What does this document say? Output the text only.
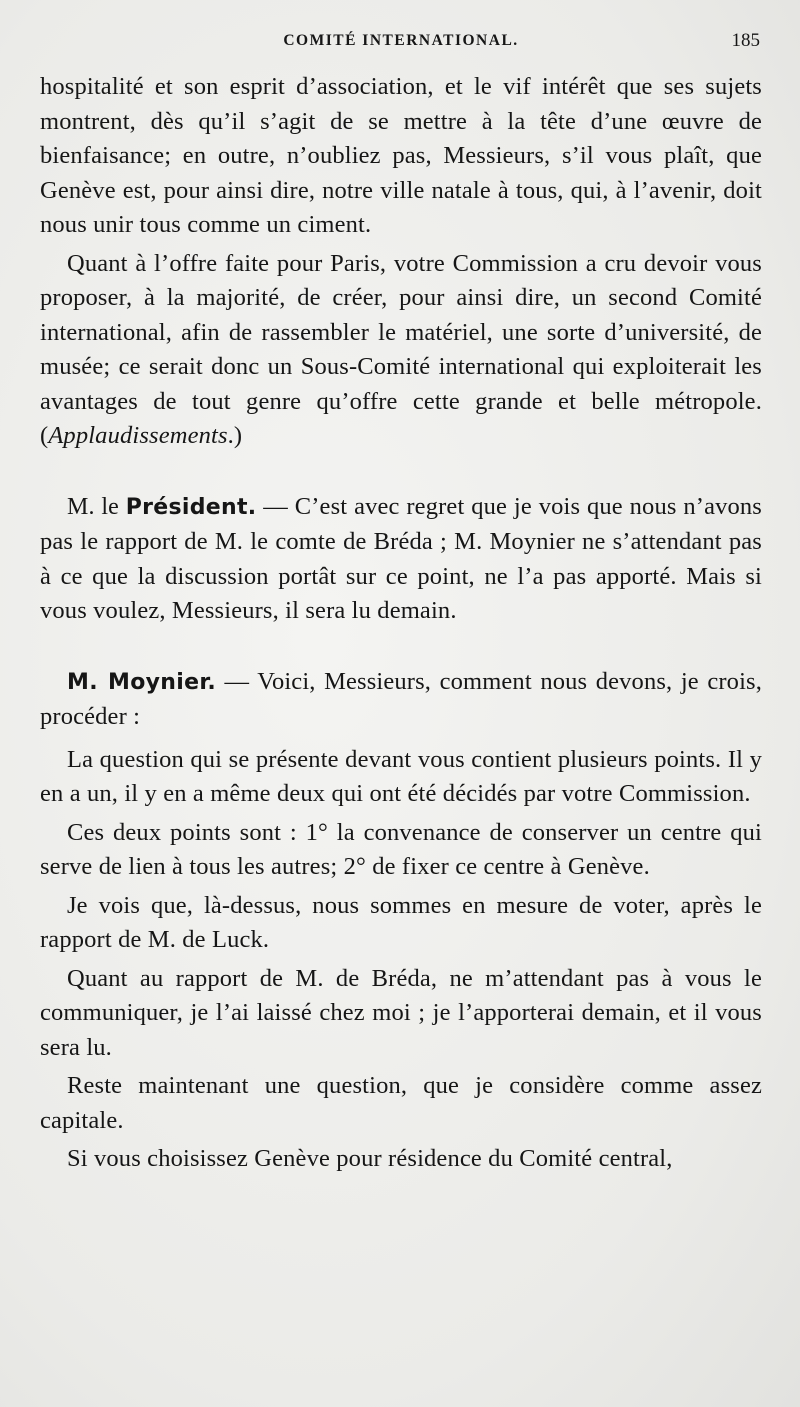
COMITÉ INTERNATIONAL.	185

hospitalité et son esprit d’association, et le vif intérêt que ses sujets montrent, dès qu’il s’agit de se mettre à la tête d’une œuvre de bienfaisance; en outre, n’oubliez pas, Messieurs, s’il vous plaît, que Genève est, pour ainsi dire, notre ville natale à tous, qui, à l’avenir, doit nous unir tous comme un ciment.

Quant à l’offre faite pour Paris, votre Commission a cru devoir vous proposer, à la majorité, de créer, pour ainsi dire, un second Comité international, afin de rassembler le matériel, une sorte d’université, de musée; ce serait donc un Sous-Comité international qui exploiterait les avantages de tout genre qu’offre cette grande et belle métropole. (Applaudissements.)

M. le Président. — C’est avec regret que je vois que nous n’avons pas le rapport de M. le comte de Bréda ; M. Moynier ne s’attendant pas à ce que la discussion portât sur ce point, ne l’a pas apporté. Mais si vous voulez, Messieurs, il sera lu demain.

M. Moynier. — Voici, Messieurs, comment nous devons, je crois, procéder :

La question qui se présente devant vous contient plusieurs points. Il y en a un, il y en a même deux qui ont été décidés par votre Commission.

Ces deux points sont : 1° la convenance de conserver un centre qui serve de lien à tous les autres; 2° de fixer ce centre à Genève.

Je vois que, là-dessus, nous sommes en mesure de voter, après le rapport de M. de Luck.

Quant au rapport de M. de Bréda, ne m’attendant pas à vous le communiquer, je l’ai laissé chez moi ; je l’apporterai demain, et il vous sera lu.

Reste maintenant une question, que je considère comme assez capitale.

Si vous choisissez Genève pour résidence du Comité central,
